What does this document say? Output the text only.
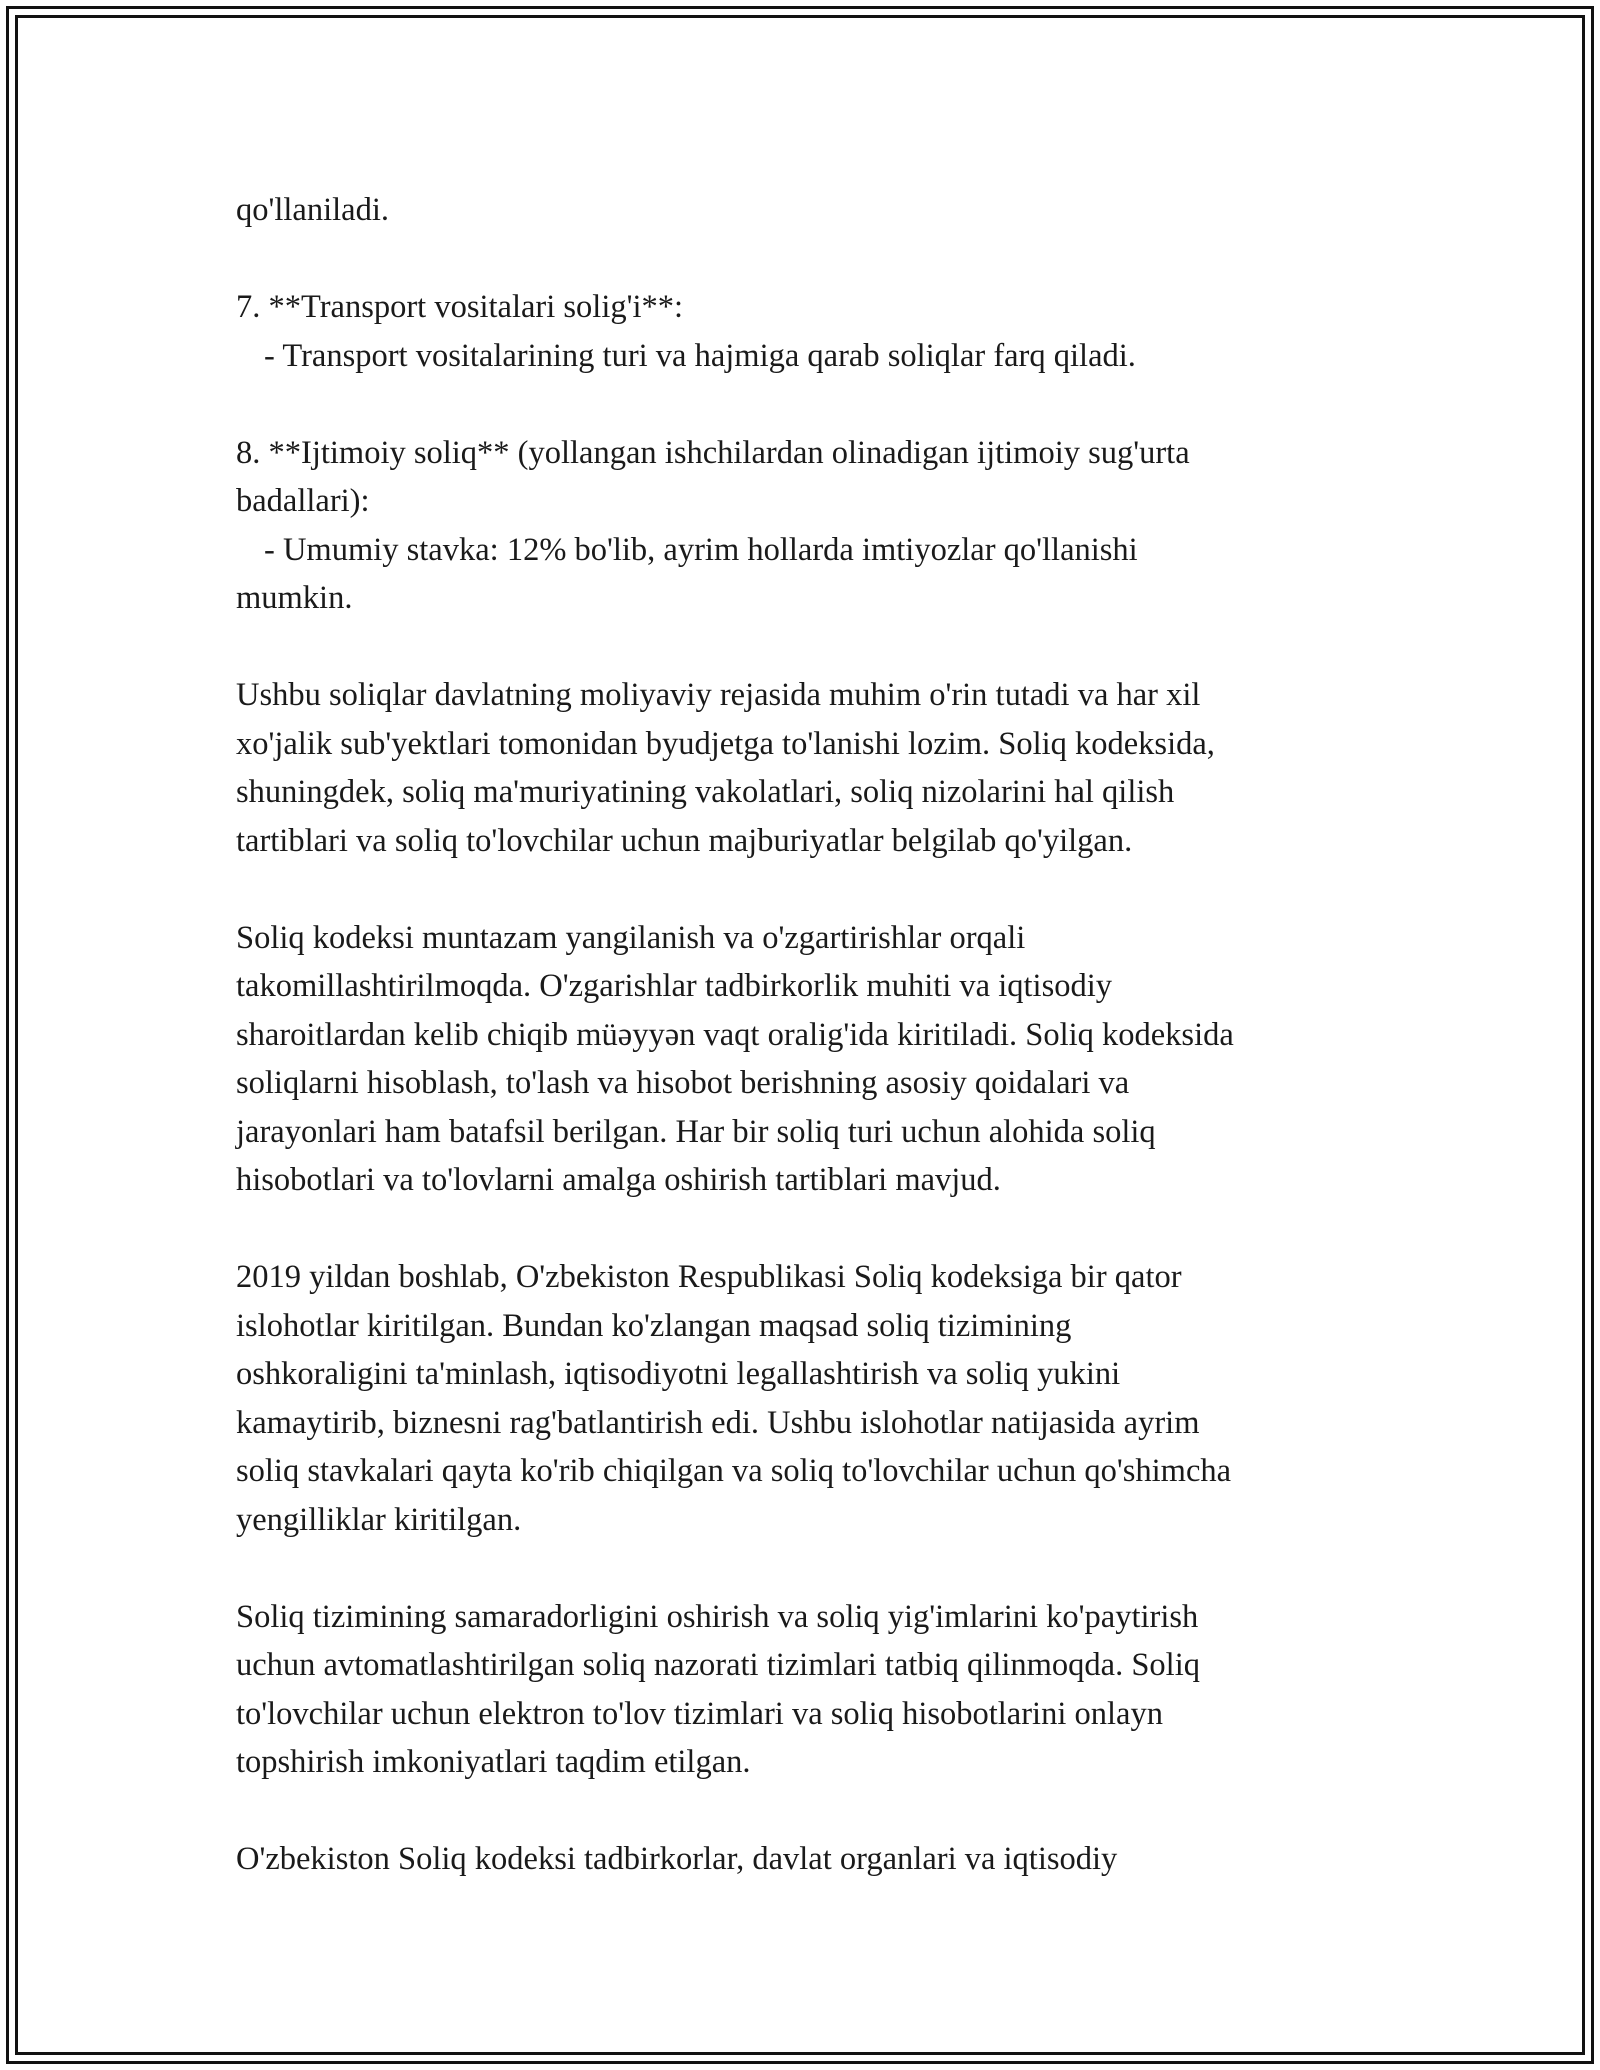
qo'llaniladi.

7. **Transport vositalari solig'i**:
- Transport vositalarining turi va hajmiga qarab soliqlar farq qiladi.

8. **Ijtimoiy soliq** (yollangan ishchilardan olinadigan ijtimoiy sug'urta
badallari):
- Umumiy stavka: 12% bo'lib, ayrim hollarda imtiyozlar qo'llanishi
mumkin.

Ushbu soliqlar davlatning moliyaviy rejasida muhim o'rin tutadi va har xil
xo'jalik sub'yektlari tomonidan byudjetga to'lanishi lozim. Soliq kodeksida,
shuningdek, soliq ma'muriyatining vakolatlari, soliq nizolarini hal qilish
tartiblari va soliq to'lovchilar uchun majburiyatlar belgilab qo'yilgan.

Soliq kodeksi muntazam yangilanish va o'zgartirishlar orqali
takomillashtirilmoqda. O'zgarishlar tadbirkorlik muhiti va iqtisodiy
sharoitlardan kelib chiqib müəyyən vaqt oralig'ida kiritiladi. Soliq kodeksida
soliqlarni hisoblash, to'lash va hisobot berishning asosiy qoidalari va
jarayonlari ham batafsil berilgan. Har bir soliq turi uchun alohida soliq
hisobotlari va to'lovlarni amalga oshirish tartiblari mavjud.

2019 yildan boshlab, O'zbekiston Respublikasi Soliq kodeksiga bir qator
islohotlar kiritilgan. Bundan ko'zlangan maqsad soliq tizimining
oshkoraligini ta'minlash, iqtisodiyotni legallashtirish va soliq yukini
kamaytirib, biznesni rag'batlantirish edi. Ushbu islohotlar natijasida ayrim
soliq stavkalari qayta ko'rib chiqilgan va soliq to'lovchilar uchun qo'shimcha
yengilliklar kiritilgan.

Soliq tizimining samaradorligini oshirish va soliq yig'imlarini ko'paytirish
uchun avtomatlashtirilgan soliq nazorati tizimlari tatbiq qilinmoqda. Soliq
to'lovchilar uchun elektron to'lov tizimlari va soliq hisobotlarini onlayn
topshirish imkoniyatlari taqdim etilgan.

O'zbekiston Soliq kodeksi tadbirkorlar, davlat organlari va iqtisodiy
